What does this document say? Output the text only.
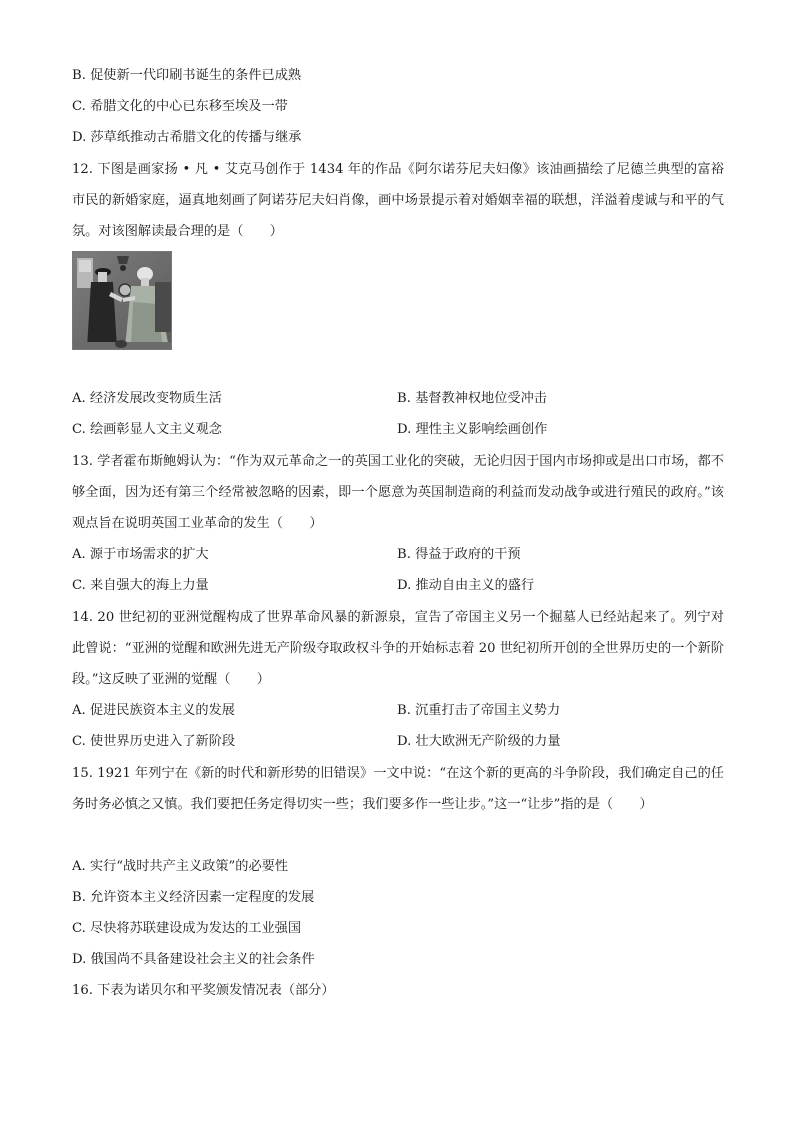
B. 促使新一代印刷书诞生的条件已成熟
C. 希腊文化的中心已东移至埃及一带
D. 莎草纸推动古希腊文化的传播与继承
12. 下图是画家扬 • 凡 • 艾克马创作于 1434 年的作品《阿尔诺芬尼夫妇像》该油画描绘了尼德兰典型的富裕市民的新婚家庭，逼真地刻画了阿诺芬尼夫妇肖像，画中场景提示着对婚姻幸福的联想，洋溢着虔诚与和平的气氛。对该图解读最合理的是（　　）
A. 经济发展改变物质生活	B. 基督教神权地位受冲击
C. 绘画彰显人文主义观念	D. 理性主义影响绘画创作
13. 学者霍布斯鲍姆认为：“作为双元革命之一的英国工业化的突破，无论归因于国内市场抑或是出口市场，都不够全面，因为还有第三个经常被忽略的因素，即一个愿意为英国制造商的利益而发动战争或进行殖民的政府。”该观点旨在说明英国工业革命的发生（　　）
A. 源于市场需求的扩大	B. 得益于政府的干预
C. 来自强大的海上力量	D. 推动自由主义的盛行
14. 20 世纪初的亚洲觉醒构成了世界革命风暴的新源泉，宣告了帝国主义另一个掘墓人已经站起来了。列宁对此曾说：“亚洲的觉醒和欧洲先进无产阶级夺取政权斗争的开始标志着 20 世纪初所开创的全世界历史的一个新阶段。”这反映了亚洲的觉醒（　　）
A. 促进民族资本主义的发展	B. 沉重打击了帝国主义势力
C. 使世界历史进入了新阶段	D. 壮大欧洲无产阶级的力量
15. 1921 年列宁在《新的时代和新形势的旧错误》一文中说：“在这个新的更高的斗争阶段，我们确定自己的任务时务必慎之又慎。我们要把任务定得切实一些；我们要多作一些让步。”这一“让步”指的是（　　）
A. 实行“战时共产主义政策”的必要性
B. 允许资本主义经济因素一定程度的发展
C. 尽快将苏联建设成为发达的工业强国
D. 俄国尚不具备建设社会主义的社会条件
16. 下表为诺贝尔和平奖颁发情况表（部分）
